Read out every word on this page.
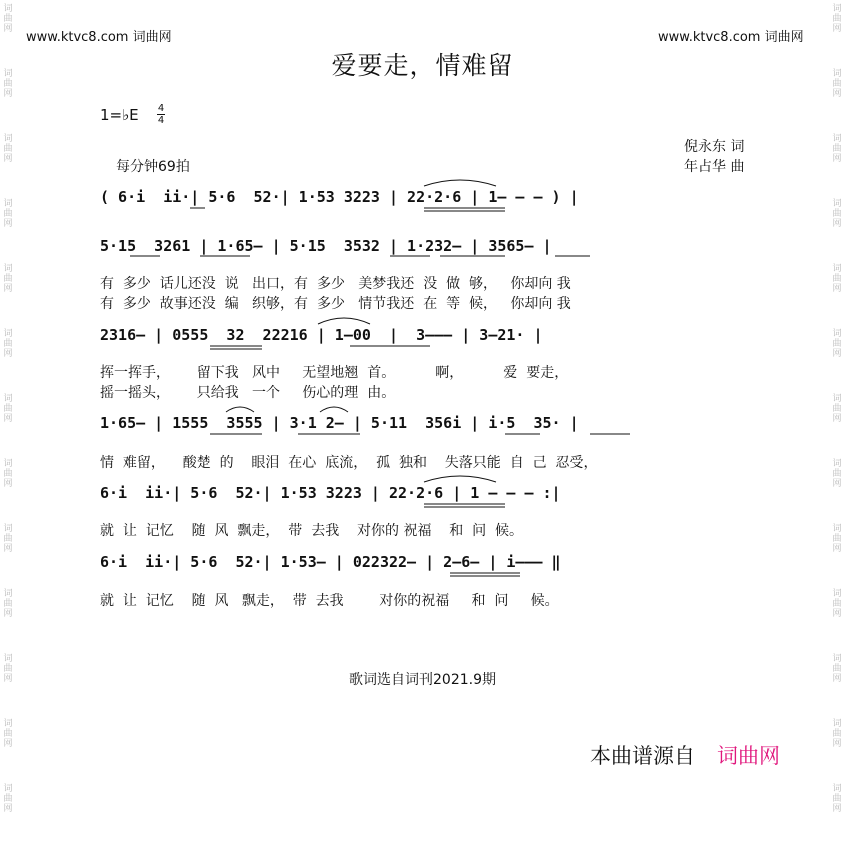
词
曲
网
词
曲
网
词
曲
网
词
曲
网
词
曲
网
词
曲
网
词
曲
网
词
曲
网
词
曲
网
词
曲
网
词
曲
网
词
曲
网
词
曲
网
词
曲
网
词
曲
网
词
曲
网
词
曲
网
词
曲
网
词
曲
网
词
曲
网
词
曲
网
词
曲
网
词
曲
网
词
曲
网
词
曲
网
词
曲
网
www.ktvc8.com 词曲网	www.ktvc8.com 词曲网
爱要走，情难留
1=♭E 4
4
倪永东 词
年占华 曲
每分钟69拍
( 6·i  ii·| 5·6  52·| 1·53 3223 | 22·2·6 | 1— — — ) |
5·15  3261 | 1·65— | 5·15  3532 | 1·232— | 3565— |
有  多少  话儿还没  说   出口，有  多少   美梦我还  没  做  够，   你却向 我
有  多少  故事还没  编   织够，有  多少   情节我还  在  等  候，   你却向 我
2316— | 0555  32  22216 | 1—00  |  3——— | 3—21· |
挥一挥手，      留下我   风中     无望地翘  首。         啊，         爱  要走，
摇一摇头，      只给我   一个     伤心的理  由。
1·65— | 1555  3555 | 3·1 2— | 5·11  356i | i·5  35· |
情  难留，    酸楚  的    眼泪  在心  底流，  孤  独和    失落只能  自  己  忍受，
6·i  ii·| 5·6  52·| 1·53 3223 | 22·2·6 | 1 — — — :|
就  让  记忆    随  风  飘走，  带  去我    对你的 祝福    和  问  候。
6·i  ii·| 5·6  52·| 1·53— | 022322— | 2—6— | i——— ‖
就  让  记忆    随  风   飘走，  带  去我        对你的祝福     和  问     候。
歌词选自词刊2021.9期
本曲谱源自 词曲网
